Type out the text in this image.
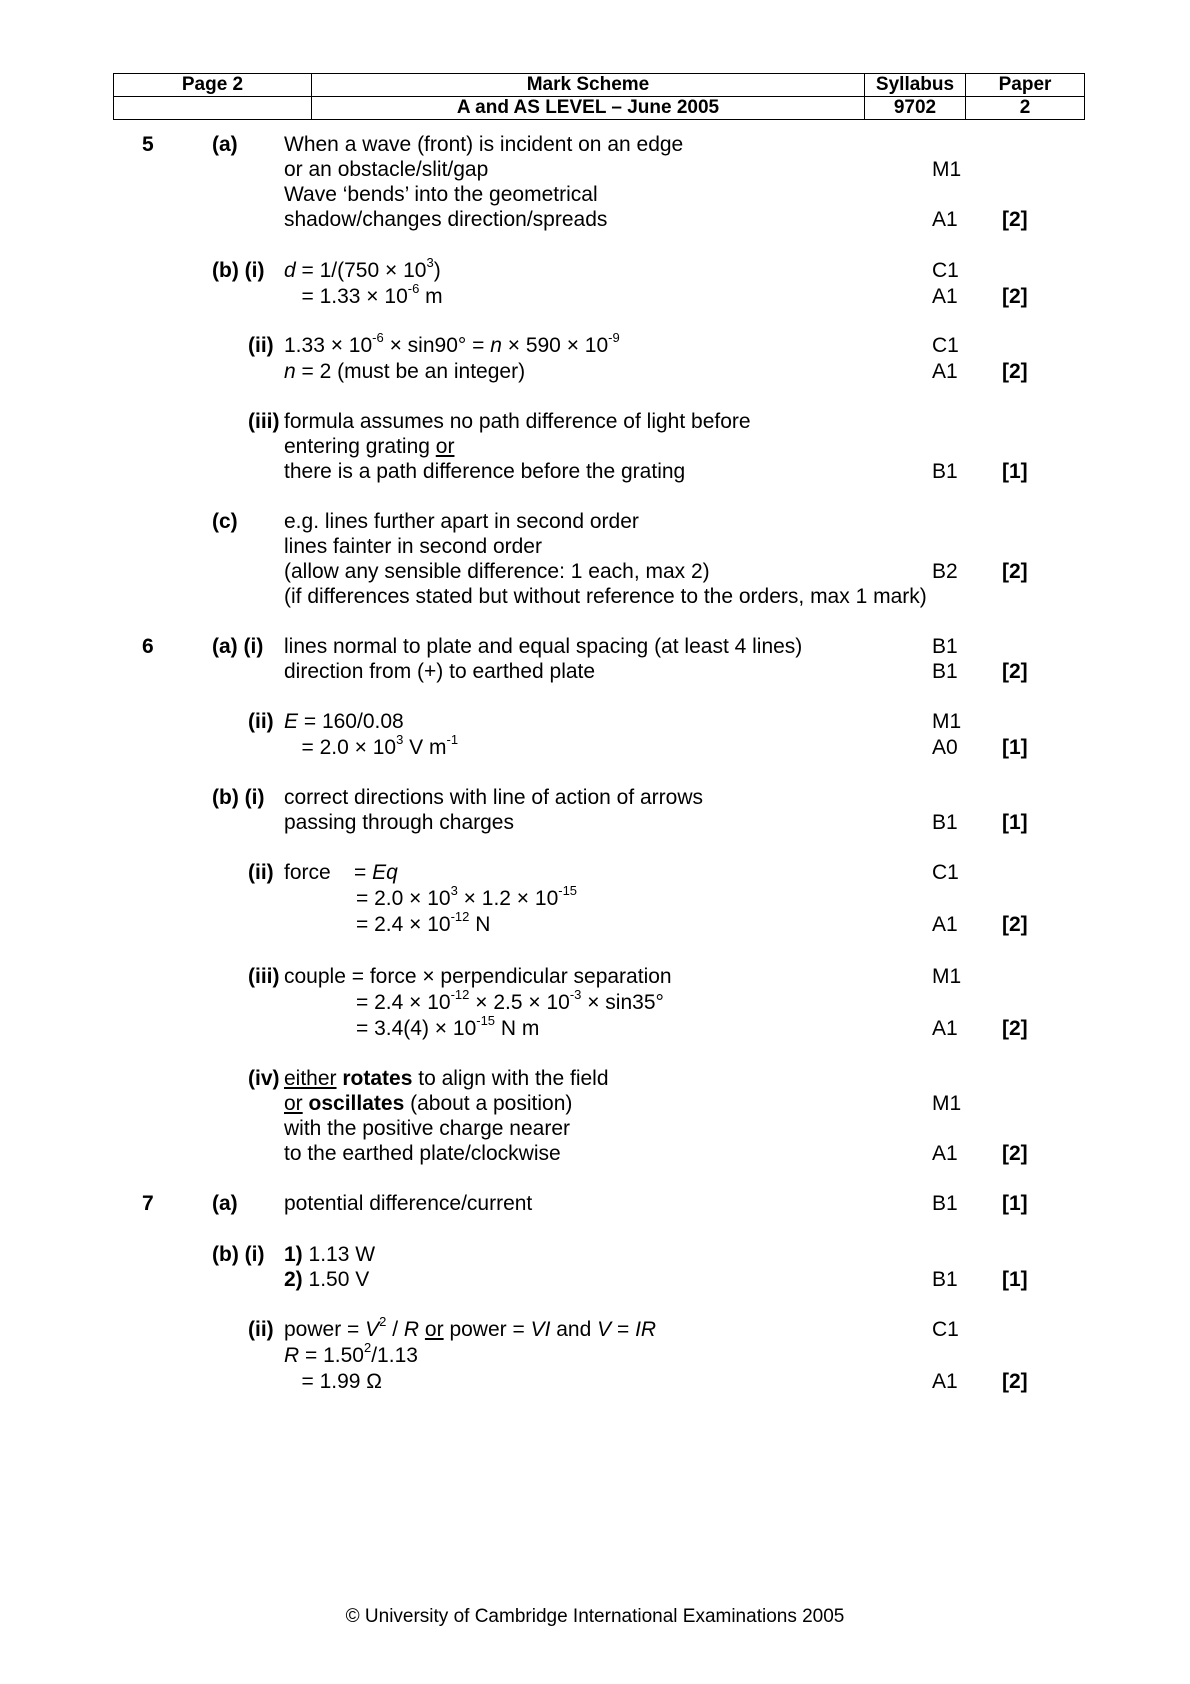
Page 2	Mark Scheme	Syllabus	Paper
	A and AS LEVEL – June 2005	9702	2
5	(a) When a wave (front) is incident on an edge
or an obstacle/slit/gap	M1
Wave ‘bends’ into the geometrical
shadow/changes direction/spreads	A1 [2]
(b) (i) $d = 1/(750 \times 10^3)$	C1
= $1.33 \times 10^{-6}$ m	A1 [2]
(ii) $1.33 \times 10^{-6} \times \sin 90^\circ = n \times 590 \times 10^{-9}$	C1
n = 2 (must be an integer)	A1 [2]
(iii) formula assumes no path difference of light before
entering grating or
there is a path difference before the grating	B1 [1]
(c) e.g. lines further apart in second order
lines fainter in second order
(allow any sensible difference: 1 each, max 2)	B2 [2]
(if differences stated but without reference to the orders, max 1 mark)
6	(a) (i) lines normal to plate and equal spacing (at least 4 lines)	B1
direction from (+) to earthed plate	B1 [2]
(ii) E = 160/0.08	M1
= $2.0 \times 10^3$ V $m^{-1}$	A0 [1]
(b) (i) correct directions with line of action of arrows
passing through charges	B1 [1]
(ii) force    = Eq	C1
= $2.0 \times 10^3 \times 1.2 \times 10^{-15}$
= $2.4 \times 10^{-12}$ N	A1 [2]
(iii) couple = force × perpendicular separation	M1
= $2.4 \times 10^{-12} \times 2.5 \times 10^{-3} \times \sin 35^\circ$
= $3.4(4) \times 10^{-15}$ N m	A1 [2]
(iv) either rotates to align with the field
or oscillates (about a position)	M1
with the positive charge nearer
to the earthed plate/clockwise	A1 [2]
7	(a) potential difference/current	B1 [1]
(b) (i) 1) 1.13 W
2) 1.50 V	B1 [1]
(ii) power = $V^2$ / R or power = VI and V = IR	C1
$R = 1.50^2/1.13$
= 1.99 Ω	A1 [2]
© University of Cambridge International Examinations 2005
